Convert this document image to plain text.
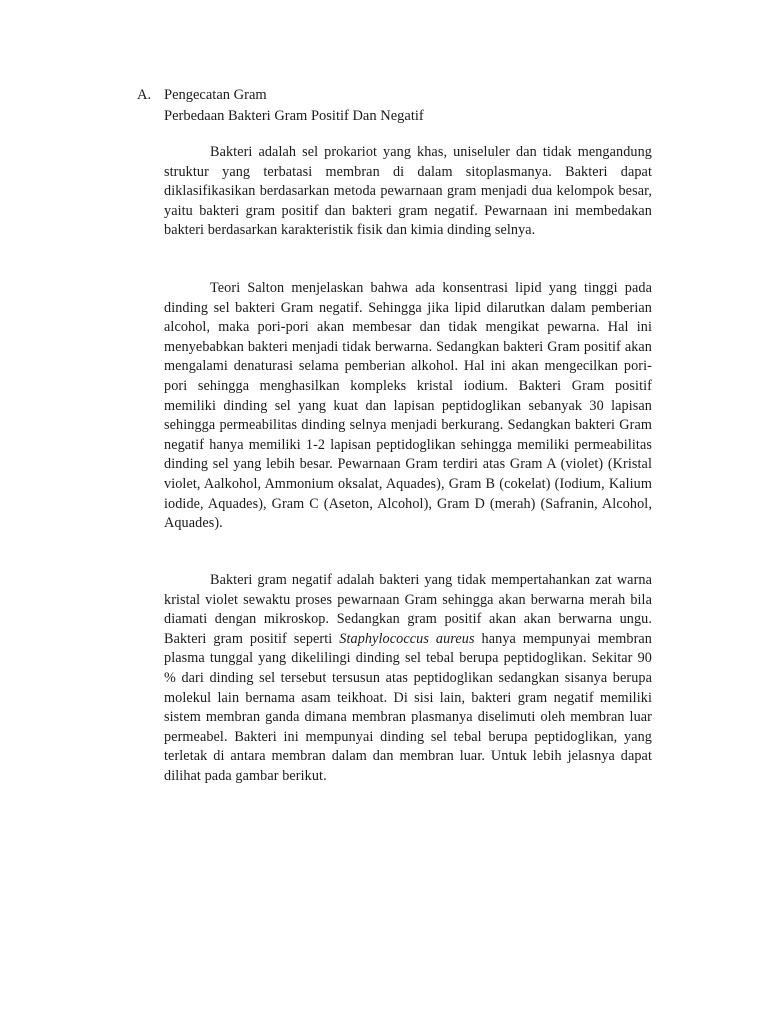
A. Pengecatan Gram
Perbedaan Bakteri Gram Positif Dan Negatif

Bakteri adalah sel prokariot yang khas, uniseluler dan tidak mengandung struktur yang terbatasi membran di dalam sitoplasmanya. Bakteri dapat diklasifikasikan berdasarkan metoda pewarnaan gram menjadi dua kelompok besar, yaitu bakteri gram positif dan bakteri gram negatif. Pewarnaan ini membedakan bakteri berdasarkan karakteristik fisik dan kimia dinding selnya.

Teori Salton menjelaskan bahwa ada konsentrasi lipid yang tinggi pada dinding sel bakteri Gram negatif. Sehingga jika lipid dilarutkan dalam pemberian alcohol, maka pori-pori akan membesar dan tidak mengikat pewarna. Hal ini menyebabkan bakteri menjadi tidak berwarna. Sedangkan bakteri Gram positif akan mengalami denaturasi selama pemberian alkohol. Hal ini akan mengecilkan pori-pori sehingga menghasilkan kompleks kristal iodium. Bakteri Gram positif memiliki dinding sel yang kuat dan lapisan peptidoglikan sebanyak 30 lapisan sehingga permeabilitas dinding selnya menjadi berkurang. Sedangkan bakteri Gram negatif hanya memiliki 1-2 lapisan peptidoglikan sehingga memiliki permeabilitas dinding sel yang lebih besar. Pewarnaan Gram terdiri atas Gram A (violet) (Kristal violet, Aalkohol, Ammonium oksalat, Aquades), Gram B (cokelat) (Iodium, Kalium iodide, Aquades), Gram C (Aseton, Alcohol), Gram D (merah) (Safranin, Alcohol, Aquades).

Bakteri gram negatif adalah bakteri yang tidak mempertahankan zat warna kristal violet sewaktu proses pewarnaan Gram sehingga akan berwarna merah bila diamati dengan mikroskop. Sedangkan gram positif akan akan berwarna ungu. Bakteri gram positif seperti Staphylococcus aureus hanya mempunyai membran plasma tunggal yang dikelilingi dinding sel tebal berupa peptidoglikan. Sekitar 90 % dari dinding sel tersebut tersusun atas peptidoglikan sedangkan sisanya berupa molekul lain bernama asam teikhoat. Di sisi lain, bakteri gram negatif memiliki sistem membran ganda dimana membran plasmanya diselimuti oleh membran luar permeabel. Bakteri ini mempunyai dinding sel tebal berupa peptidoglikan, yang terletak di antara membran dalam dan membran luar. Untuk lebih jelasnya dapat dilihat pada gambar berikut.
